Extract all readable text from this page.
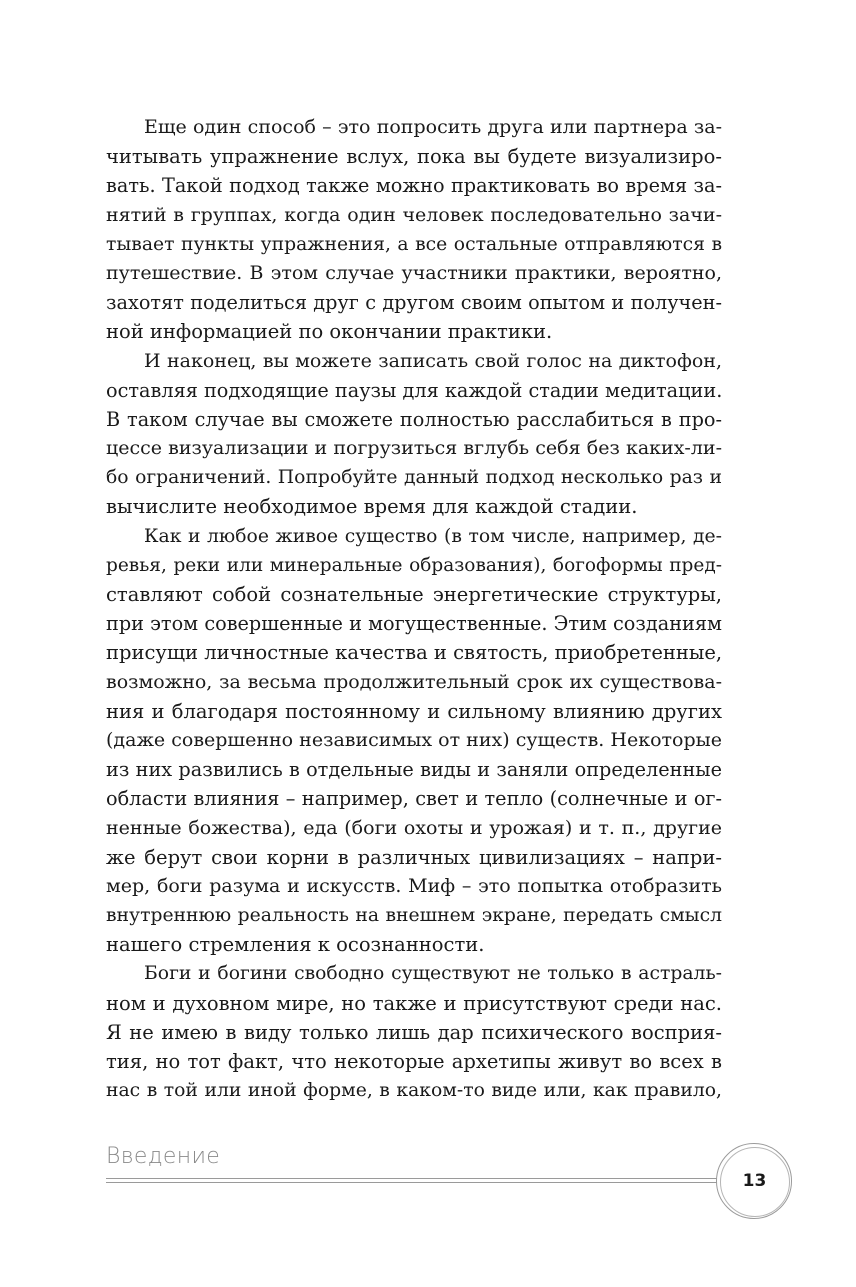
Еще один способ – это попросить друга или партнера за-
читывать упражнение вслух, пока вы будете визуализиро-
вать. Такой подход также можно практиковать во время за-
нятий в группах, когда один человек последовательно зачи-
тывает пункты упражнения, а все остальные отправляются в
путешествие. В этом случае участники практики, вероятно,
захотят поделиться друг с другом своим опытом и получен-
ной информацией по окончании практики.
И наконец, вы можете записать свой голос на диктофон,
оставляя подходящие паузы для каждой стадии медитации.
В таком случае вы сможете полностью расслабиться в про-
цессе визуализации и погрузиться вглубь себя без каких-ли-
бо ограничений. Попробуйте данный подход несколько раз и
вычислите необходимое время для каждой стадии.
Как и любое живое существо (в том числе, например, де-
ревья, реки или минеральные образования), богоформы пред-
ставляют собой сознательные энергетические структуры,
при этом совершенные и могущественные. Этим созданиям
присущи личностные качества и святость, приобретенные,
возможно, за весьма продолжительный срок их существова-
ния и благодаря постоянному и сильному влиянию других
(даже совершенно независимых от них) существ. Некоторые
из них развились в отдельные виды и заняли определенные
области влияния – например, свет и тепло (солнечные и ог-
ненные божества), еда (боги охоты и урожая) и т. п., другие
же берут свои корни в различных цивилизациях – напри-
мер, боги разума и искусств. Миф – это попытка отобразить
внутреннюю реальность на внешнем экране, передать смысл
нашего стремления к осознанности.
Боги и богини свободно существуют не только в астраль-
ном и духовном мире, но также и присутствуют среди нас.
Я не имею в виду только лишь дар психического восприя-
тия, но тот факт, что некоторые архетипы живут во всех в
нас в той или иной форме, в каком-то виде или, как правило,
Введение
13
